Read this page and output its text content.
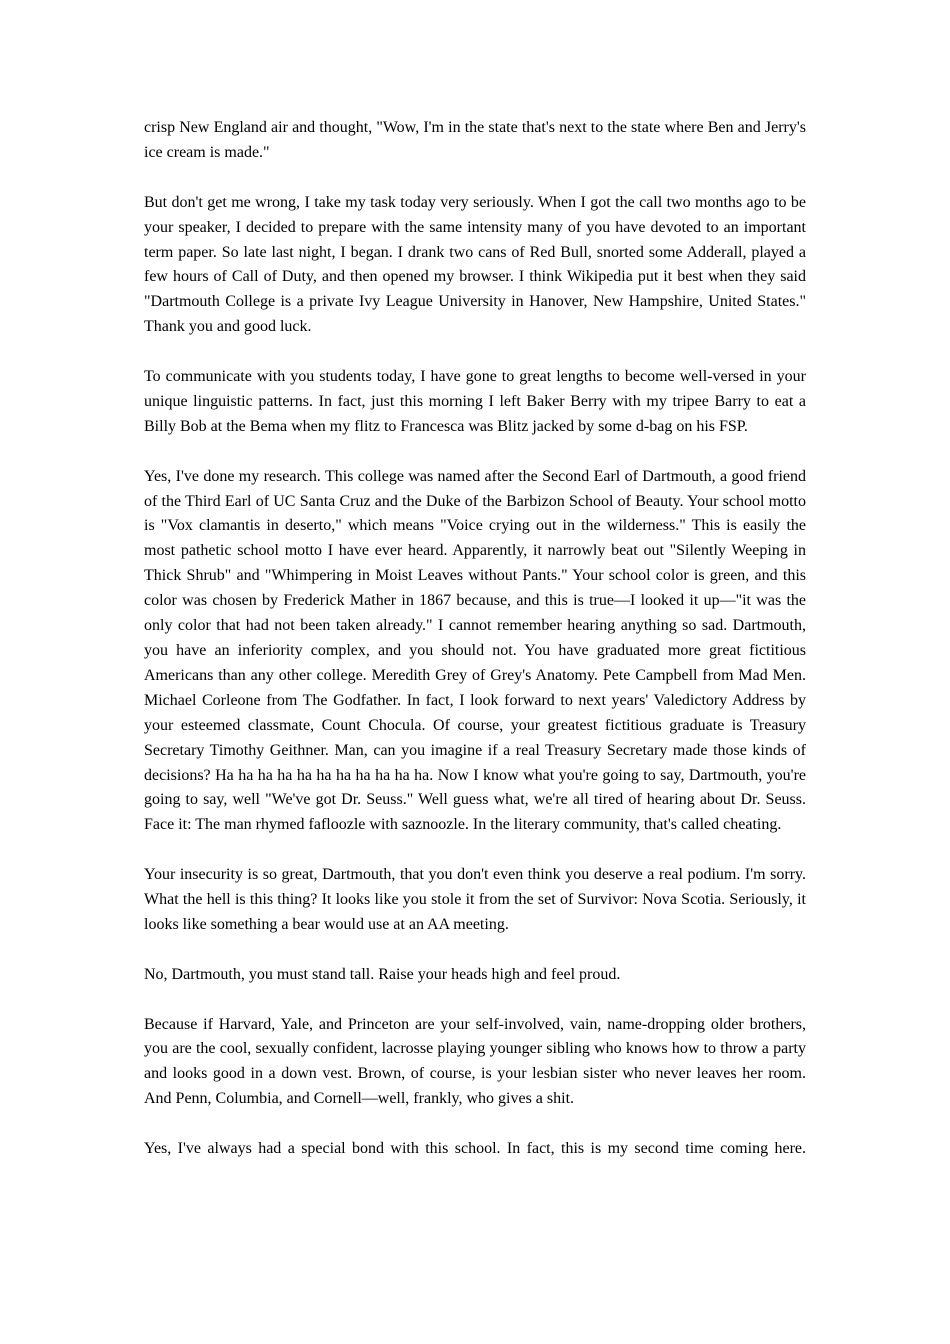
crisp New England air and thought, "Wow, I'm in the state that's next to the state where Ben and Jerry's ice cream is made."

But don't get me wrong, I take my task today very seriously. When I got the call two months ago to be your speaker, I decided to prepare with the same intensity many of you have devoted to an important term paper. So late last night, I began. I drank two cans of Red Bull, snorted some Adderall, played a few hours of Call of Duty, and then opened my browser. I think Wikipedia put it best when they said "Dartmouth College is a private Ivy League University in Hanover, New Hampshire, United States." Thank you and good luck.

To communicate with you students today, I have gone to great lengths to become well-versed in your unique linguistic patterns. In fact, just this morning I left Baker Berry with my tripee Barry to eat a Billy Bob at the Bema when my flitz to Francesca was Blitz jacked by some d-bag on his FSP.

Yes, I've done my research. This college was named after the Second Earl of Dartmouth, a good friend of the Third Earl of UC Santa Cruz and the Duke of the Barbizon School of Beauty. Your school motto is "Vox clamantis in deserto," which means "Voice crying out in the wilderness." This is easily the most pathetic school motto I have ever heard. Apparently, it narrowly beat out "Silently Weeping in Thick Shrub" and "Whimpering in Moist Leaves without Pants." Your school color is green, and this color was chosen by Frederick Mather in 1867 because, and this is true—I looked it up—"it was the only color that had not been taken already." I cannot remember hearing anything so sad. Dartmouth, you have an inferiority complex, and you should not. You have graduated more great fictitious Americans than any other college. Meredith Grey of Grey's Anatomy. Pete Campbell from Mad Men. Michael Corleone from The Godfather. In fact, I look forward to next years' Valedictory Address by your esteemed classmate, Count Chocula. Of course, your greatest fictitious graduate is Treasury Secretary Timothy Geithner. Man, can you imagine if a real Treasury Secretary made those kinds of decisions? Ha ha ha ha ha ha ha ha ha ha ha. Now I know what you're going to say, Dartmouth, you're going to say, well "We've got Dr. Seuss." Well guess what, we're all tired of hearing about Dr. Seuss. Face it: The man rhymed fafloozle with saznoozle. In the literary community, that's called cheating.

Your insecurity is so great, Dartmouth, that you don't even think you deserve a real podium. I'm sorry. What the hell is this thing? It looks like you stole it from the set of Survivor: Nova Scotia. Seriously, it looks like something a bear would use at an AA meeting.

No, Dartmouth, you must stand tall. Raise your heads high and feel proud.

Because if Harvard, Yale, and Princeton are your self-involved, vain, name-dropping older brothers, you are the cool, sexually confident, lacrosse playing younger sibling who knows how to throw a party and looks good in a down vest. Brown, of course, is your lesbian sister who never leaves her room. And Penn, Columbia, and Cornell—well, frankly, who gives a shit.

Yes, I've always had a special bond with this school. In fact, this is my second time coming here.
